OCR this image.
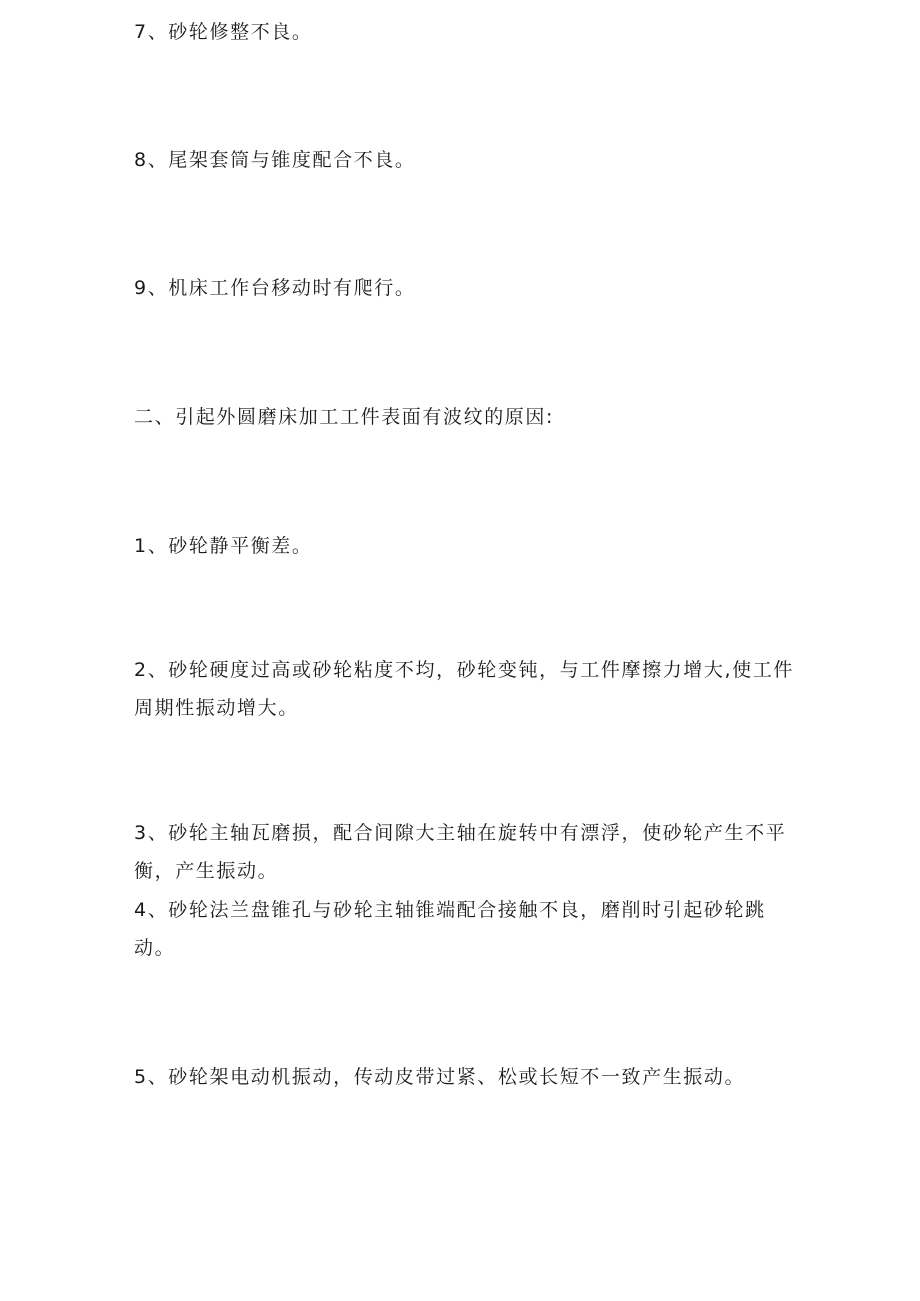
7、砂轮修整不良。

8、尾架套筒与锥度配合不良。

9、机床工作台移动时有爬行。

二、引起外圆磨床加工工件表面有波纹的原因:

1、砂轮静平衡差。

2、砂轮硬度过高或砂轮粘度不均，砂轮变钝，与工件摩擦力增大,使工件周期性振动增大。

3、砂轮主轴瓦磨损，配合间隙大主轴在旋转中有漂浮，使砂轮产生不平衡，产生振动。

4、砂轮法兰盘锥孔与砂轮主轴锥端配合接触不良，磨削时引起砂轮跳动。

5、砂轮架电动机振动，传动皮带过紧、松或长短不一致产生振动。
